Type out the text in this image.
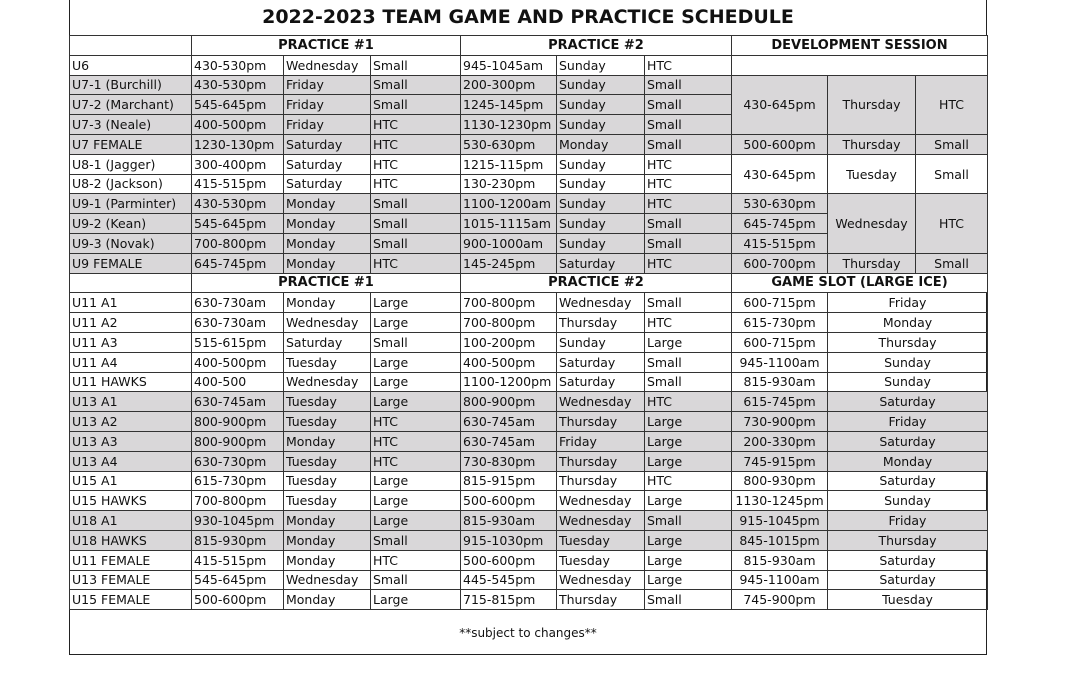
2022-2023 TEAM GAME AND PRACTICE SCHEDULE
	PRACTICE #1			PRACTICE #2			DEVELOPMENT SESSION		
U6	430-530pm	Wednesday	Small	945-1045am	Sunday	HTC			
U7-1 (Burchill)	430-530pm	Friday	Small	200-300pm	Sunday	Small	430-645pm	Thursday	HTC
U7-2 (Marchant)	545-645pm	Friday	Small	1245-145pm	Sunday	Small			
U7-3 (Neale)	400-500pm	Friday	HTC	1130-1230pm	Sunday	Small			
U7 FEMALE	1230-130pm	Saturday	HTC	530-630pm	Monday	Small	500-600pm	Thursday	Small
U8-1 (Jagger)	300-400pm	Saturday	HTC	1215-115pm	Sunday	HTC	430-645pm	Tuesday	Small
U8-2 (Jackson)	415-515pm	Saturday	HTC	130-230pm	Sunday	HTC			
U9-1 (Parminter)	430-530pm	Monday	Small	1100-1200am	Sunday	HTC	530-630pm	Wednesday	HTC
U9-2 (Kean)	545-645pm	Monday	Small	1015-1115am	Sunday	Small	645-745pm		
U9-3 (Novak)	700-800pm	Monday	Small	900-1000am	Sunday	Small	415-515pm		
U9 FEMALE	645-745pm	Monday	HTC	145-245pm	Saturday	HTC	600-700pm	Thursday	Small
	PRACTICE #1			PRACTICE #2			GAME SLOT (LARGE ICE)		
U11 A1	630-730am	Monday	Large	700-800pm	Wednesday	Small	600-715pm	Friday	
U11 A2	630-730am	Wednesday	Large	700-800pm	Thursday	HTC	615-730pm	Monday	
U11 A3	515-615pm	Saturday	Small	100-200pm	Sunday	Large	600-715pm	Thursday	
U11 A4	400-500pm	Tuesday	Large	400-500pm	Saturday	Small	945-1100am	Sunday	
U11 HAWKS	400-500	Wednesday	Large	1100-1200pm	Saturday	Small	815-930am	Sunday	
U13 A1	630-745am	Tuesday	Large	800-900pm	Wednesday	HTC	615-745pm	Saturday	
U13 A2	800-900pm	Tuesday	HTC	630-745am	Thursday	Large	730-900pm	Friday	
U13 A3	800-900pm	Monday	HTC	630-745am	Friday	Large	200-330pm	Saturday	
U13 A4	630-730pm	Tuesday	HTC	730-830pm	Thursday	Large	745-915pm	Monday	
U15 A1	615-730pm	Tuesday	Large	815-915pm	Thursday	HTC	800-930pm	Saturday	
U15 HAWKS	700-800pm	Tuesday	Large	500-600pm	Wednesday	Large	1130-1245pm	Sunday	
U18 A1	930-1045pm	Monday	Large	815-930am	Wednesday	Small	915-1045pm	Friday	
U18 HAWKS	815-930pm	Monday	Small	915-1030pm	Tuesday	Large	845-1015pm	Thursday	
U11 FEMALE	415-515pm	Monday	HTC	500-600pm	Tuesday	Large	815-930am	Saturday	
U13 FEMALE	545-645pm	Wednesday	Small	445-545pm	Wednesday	Large	945-1100am	Saturday	
U15 FEMALE	500-600pm	Monday	Large	715-815pm	Thursday	Small	745-900pm	Tuesday	
**subject to changes**
